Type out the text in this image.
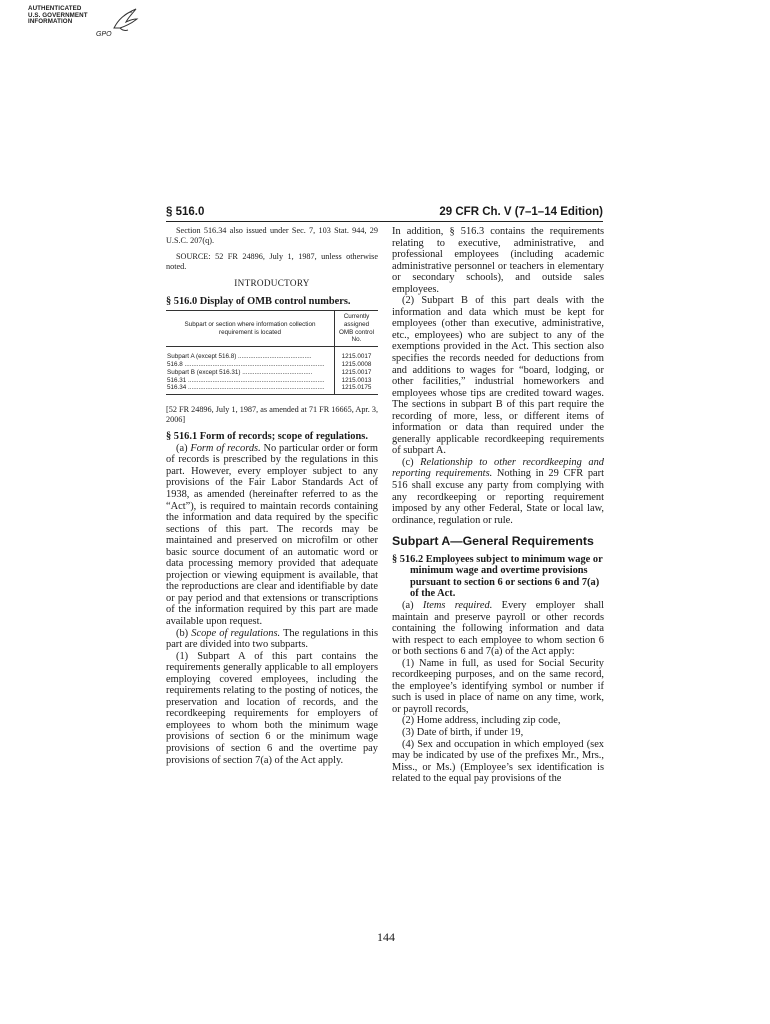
AUTHENTICATED
U.S. GOVERNMENT
INFORMATION
GPO
§ 516.0	29 CFR Ch. V (7–1–14 Edition)

Section 516.34 also issued under Sec. 7, 103 Stat. 944, 29 U.S.C. 207(q).

SOURCE: 52 FR 24896, July 1, 1987, unless otherwise noted.

INTRODUCTORY

§ 516.0 Display of OMB control numbers.

Subpart or section where information collection requirement is located	Currently assigned OMB control No.
Subpart A (except 516.8) ..........................................	1215.0017
516.8 ................................................................................	1215.0008
Subpart B (except 516.31) ........................................	1215.0017
516.31 ..............................................................................	1215.0013
516.34 ..............................................................................	1215.0175

[52 FR 24896, July 1, 1987, as amended at 71 FR 16665, Apr. 3, 2006]

§ 516.1 Form of records; scope of regulations.

(a) Form of records. No particular order or form of records is prescribed by the regulations in this part. However, every employer subject to any provisions of the Fair Labor Standards Act of 1938, as amended (hereinafter referred to as the “Act”), is required to maintain records containing the information and data required by the specific sections of this part. The records may be maintained and preserved on microfilm or other basic source document of an automatic word or data processing memory provided that adequate projection or viewing equipment is available, that the reproductions are clear and identifiable by date or pay period and that extensions or transcriptions of the information required by this part are made available upon request.

(b) Scope of regulations. The regulations in this part are divided into two subparts.

(1) Subpart A of this part contains the requirements generally applicable to all employers employing covered employees, including the requirements relating to the posting of notices, the preservation and location of records, and the recordkeeping requirements for employers of employees to whom both the minimum wage provisions of section 6 or the minimum wage provisions of section 6 and the overtime pay provisions of section 7(a) of the Act apply.

In addition, § 516.3 contains the requirements relating to executive, administrative, and professional employees (including academic administrative personnel or teachers in elementary or secondary schools), and outside sales employees.

(2) Subpart B of this part deals with the information and data which must be kept for employees (other than executive, administrative, etc., employees) who are subject to any of the exemptions provided in the Act. This section also specifies the records needed for deductions from and additions to wages for “board, lodging, or other facilities,” industrial homeworkers and employees whose tips are credited toward wages. The sections in subpart B of this part require the recording of more, less, or different items of information or data than required under the generally applicable recordkeeping requirements of subpart A.

(c) Relationship to other recordkeeping and reporting requirements. Nothing in 29 CFR part 516 shall excuse any party from complying with any recordkeeping or reporting requirement imposed by any other Federal, State or local law, ordinance, regulation or rule.

Subpart A—General Requirements

§ 516.2 Employees subject to minimum wage or minimum wage and overtime provisions pursuant to section 6 or sections 6 and 7(a) of the Act.

(a) Items required. Every employer shall maintain and preserve payroll or other records containing the following information and data with respect to each employee to whom section 6 or both sections 6 and 7(a) of the Act apply:

(1) Name in full, as used for Social Security recordkeeping purposes, and on the same record, the employee’s identifying symbol or number if such is used in place of name on any time, work, or payroll records,

(2) Home address, including zip code,

(3) Date of birth, if under 19,

(4) Sex and occupation in which employed (sex may be indicated by use of the prefixes Mr., Mrs., Miss., or Ms.) (Employee’s sex identification is related to the equal pay provisions of the

144
